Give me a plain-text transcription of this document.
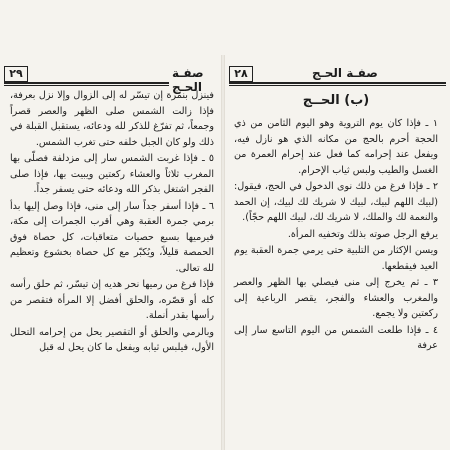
٢٩	صفـة الحـج
٢٨	صفـة الحـج

فينزل بنمرة إن تيسّر له إلى الزوال وإلا نزل بعرفة، فإذا زالت الشمس صلى الظهر والعصر قصراً وجمعاً، ثم تفرّغ للذكر لله ودعائه، يستقبل القبلة في ذلك ولو كان الجبل خلفه حتى تغرب الشمس.

٥ ـ فإذا غربت الشمس سار إلى مزدلفة فصلّى بها المغرب ثلاثاً والعشاء ركعتين ويبيت بها، فإذا صلى الفجر اشتغل بذكر الله ودعائه حتى يسفر جداً.

٦ ـ فإذا أسفر جداً سار إلى منى، فإذا وصل إليها بدأ برمي جمرة العقبة وهي أقرب الجمرات إلى مكة، فيرميها بسبع حصيات متعاقبات، كل حصاة فوق الحمصة قليلاً، ويُكبّر مع كل حصاة بخشوع وتعظيم لله تعالى.

فإذا فرغ من رميها نحر هديه إن تيسّر، ثم حلق رأسه كله أو قصّره، والحلق أفضل إلا المرأة فتقصر من رأسها بقدر أنملة.

وبالرمي والحلق أو التقصير يحل من إحرامه التحلل الأول، فيلبس ثيابه ويفعل ما كان يحل له قبل

(ب) الحــج

١ ـ فإذا كان يوم التروية وهو اليوم الثامن من ذي الحجة أحرم بالحج من مكانه الذي هو نازل فيه، ويفعل عند إحرامه كما فعل عند إحرام العمرة من الغسل والطيب ولبس ثياب الإحرام.

٢ ـ فإذا فرغ من ذلك نوى الدخول في الحج، فيقول: (لبيك اللهم لبيك، لبيك لا شريك لك لبيك، إن الحمد والنعمة لك والملك، لا شريك لك، لبيك اللهم حجّاً).

يرفع الرجل صوته بذلك وتخفيه المرأة.

ويسن الإكثار من التلبية حتى يرمي جمرة العقبة يوم العيد فيقطعها.

٣ ـ ثم يخرج إلى منى فيصلي بها الظهر والعصر والمغرب والعشاء والفجر، يقصر الرباعية إلى ركعتين ولا يجمع.

٤ ـ فإذا طلعت الشمس من اليوم التاسع سار إلى عرفة
